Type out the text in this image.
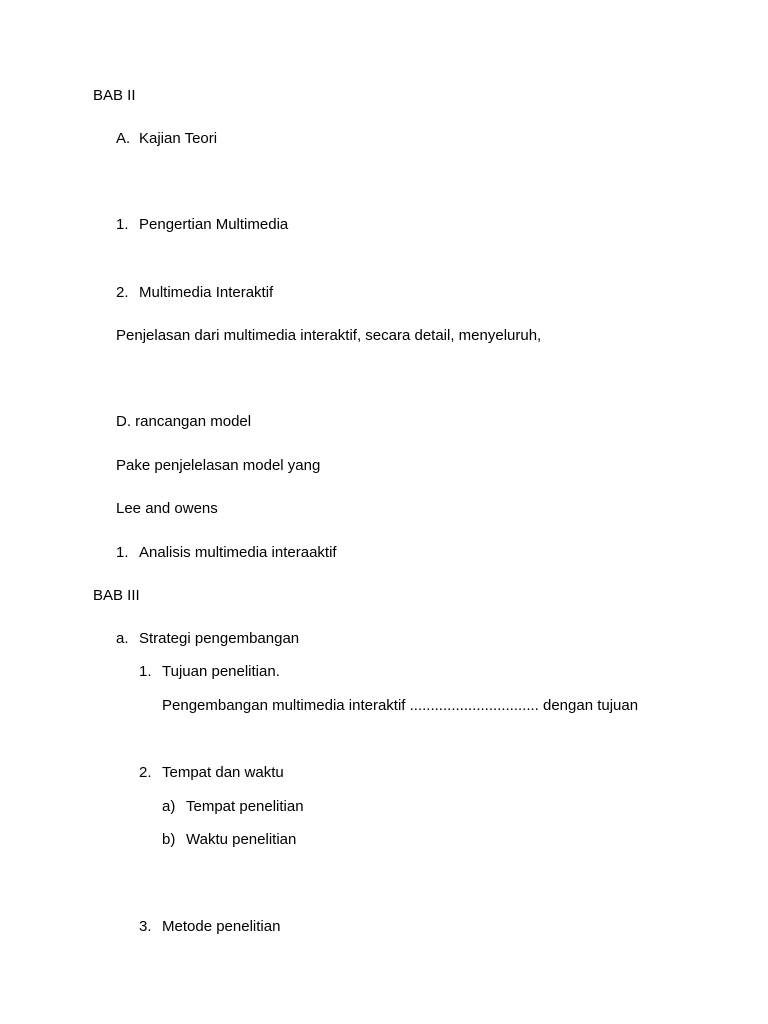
BAB II
A. Kajian Teori
1. Pengertian Multimedia
2. Multimedia Interaktif
Penjelasan dari multimedia interaktif, secara detail, menyeluruh,
D. rancangan model
Pake penjelelasan model yang
Lee and owens
1. Analisis multimedia interaaktif
BAB III
a. Strategi pengembangan
1. Tujuan penelitian.
Pengembangan multimedia interaktif ............................... dengan tujuan
2. Tempat dan waktu
a) Tempat penelitian
b) Waktu penelitian
3. Metode penelitian
